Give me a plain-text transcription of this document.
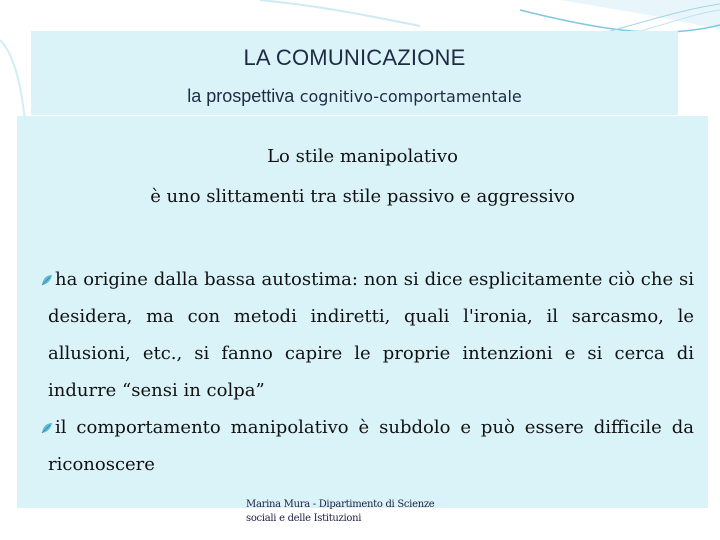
LA COMUNICAZIONE
la prospettiva cognitivo-comportamentale
Lo stile manipolativo
è uno slittamenti tra stile passivo e aggressivo
ha origine dalla bassa autostima: non si dice esplicitamente ciò che si desidera, ma con metodi indiretti, quali l'ironia, il sarcasmo, le allusioni, etc., si fanno capire le proprie intenzioni e si cerca di indurre “sensi in colpa”
il comportamento manipolativo è subdolo e può essere difficile da riconoscere
Marina Mura - Dipartimento di Scienze
sociali e delle Istituzioni
